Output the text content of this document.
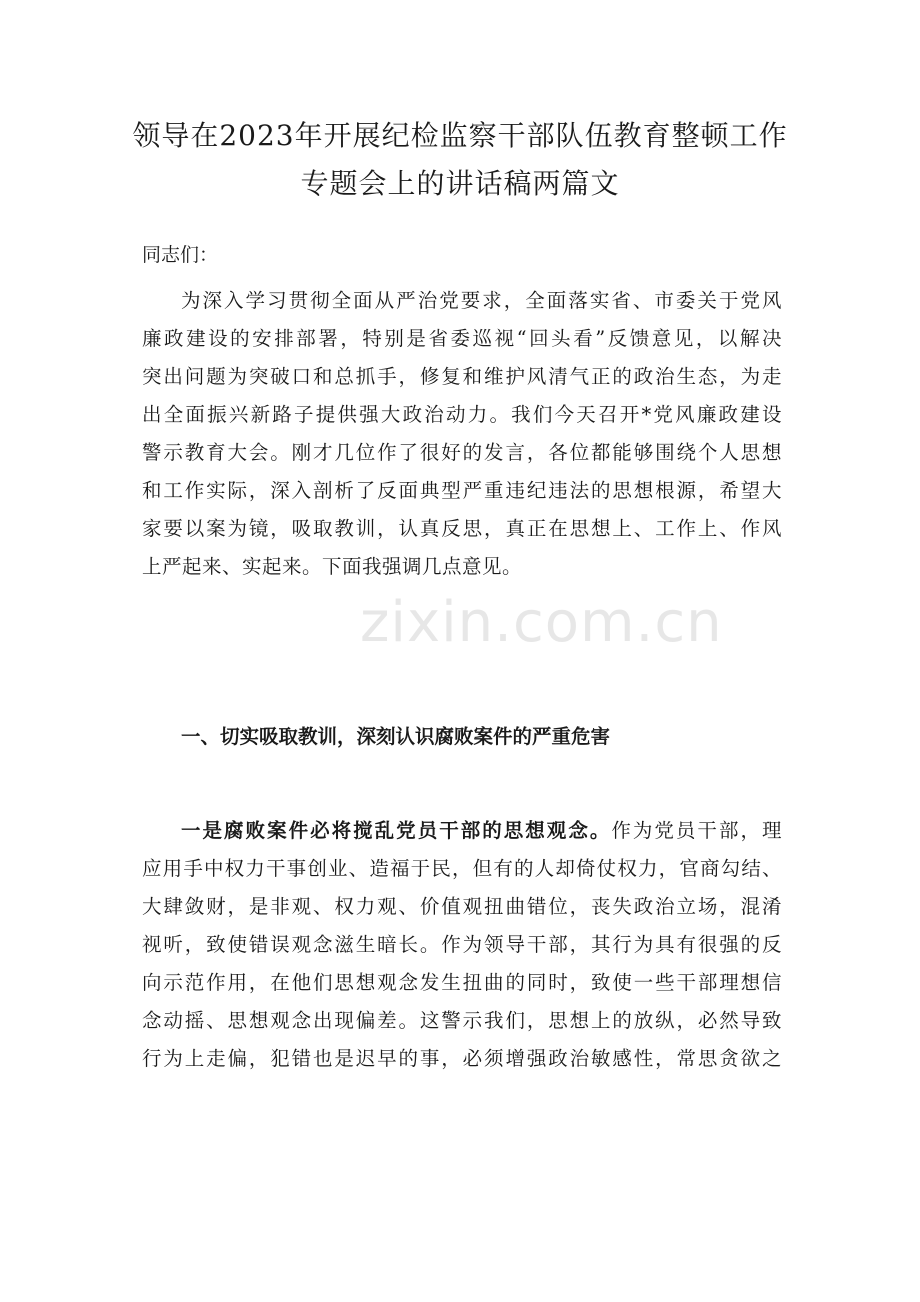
领导在2023年开展纪检监察干部队伍教育整顿工作
专题会上的讲话稿两篇文

同志们：

为深入学习贯彻全面从严治党要求，全面落实省、市委关于党风
廉政建设的安排部署，特别是省委巡视“回头看”反馈意见，以解决
突出问题为突破口和总抓手，修复和维护风清气正的政治生态，为走
出全面振兴新路子提供强大政治动力。我们今天召开*党风廉政建设
警示教育大会。刚才几位作了很好的发言，各位都能够围绕个人思想
和工作实际，深入剖析了反面典型严重违纪违法的思想根源，希望大
家要以案为镜，吸取教训，认真反思，真正在思想上、工作上、作风
上严起来、实起来。下面我强调几点意见。

一、切实吸取教训，深刻认识腐败案件的严重危害

一是腐败案件必将搅乱党员干部的思想观念。作为党员干部，理
应用手中权力干事创业、造福于民，但有的人却倚仗权力，官商勾结、
大肆敛财，是非观、权力观、价值观扭曲错位，丧失政治立场，混淆
视听，致使错误观念滋生暗长。作为领导干部，其行为具有很强的反
向示范作用，在他们思想观念发生扭曲的同时，致使一些干部理想信
念动摇、思想观念出现偏差。这警示我们，思想上的放纵，必然导致
行为上走偏，犯错也是迟早的事，必须增强政治敏感性，常思贪欲之

zixin.com.cn
